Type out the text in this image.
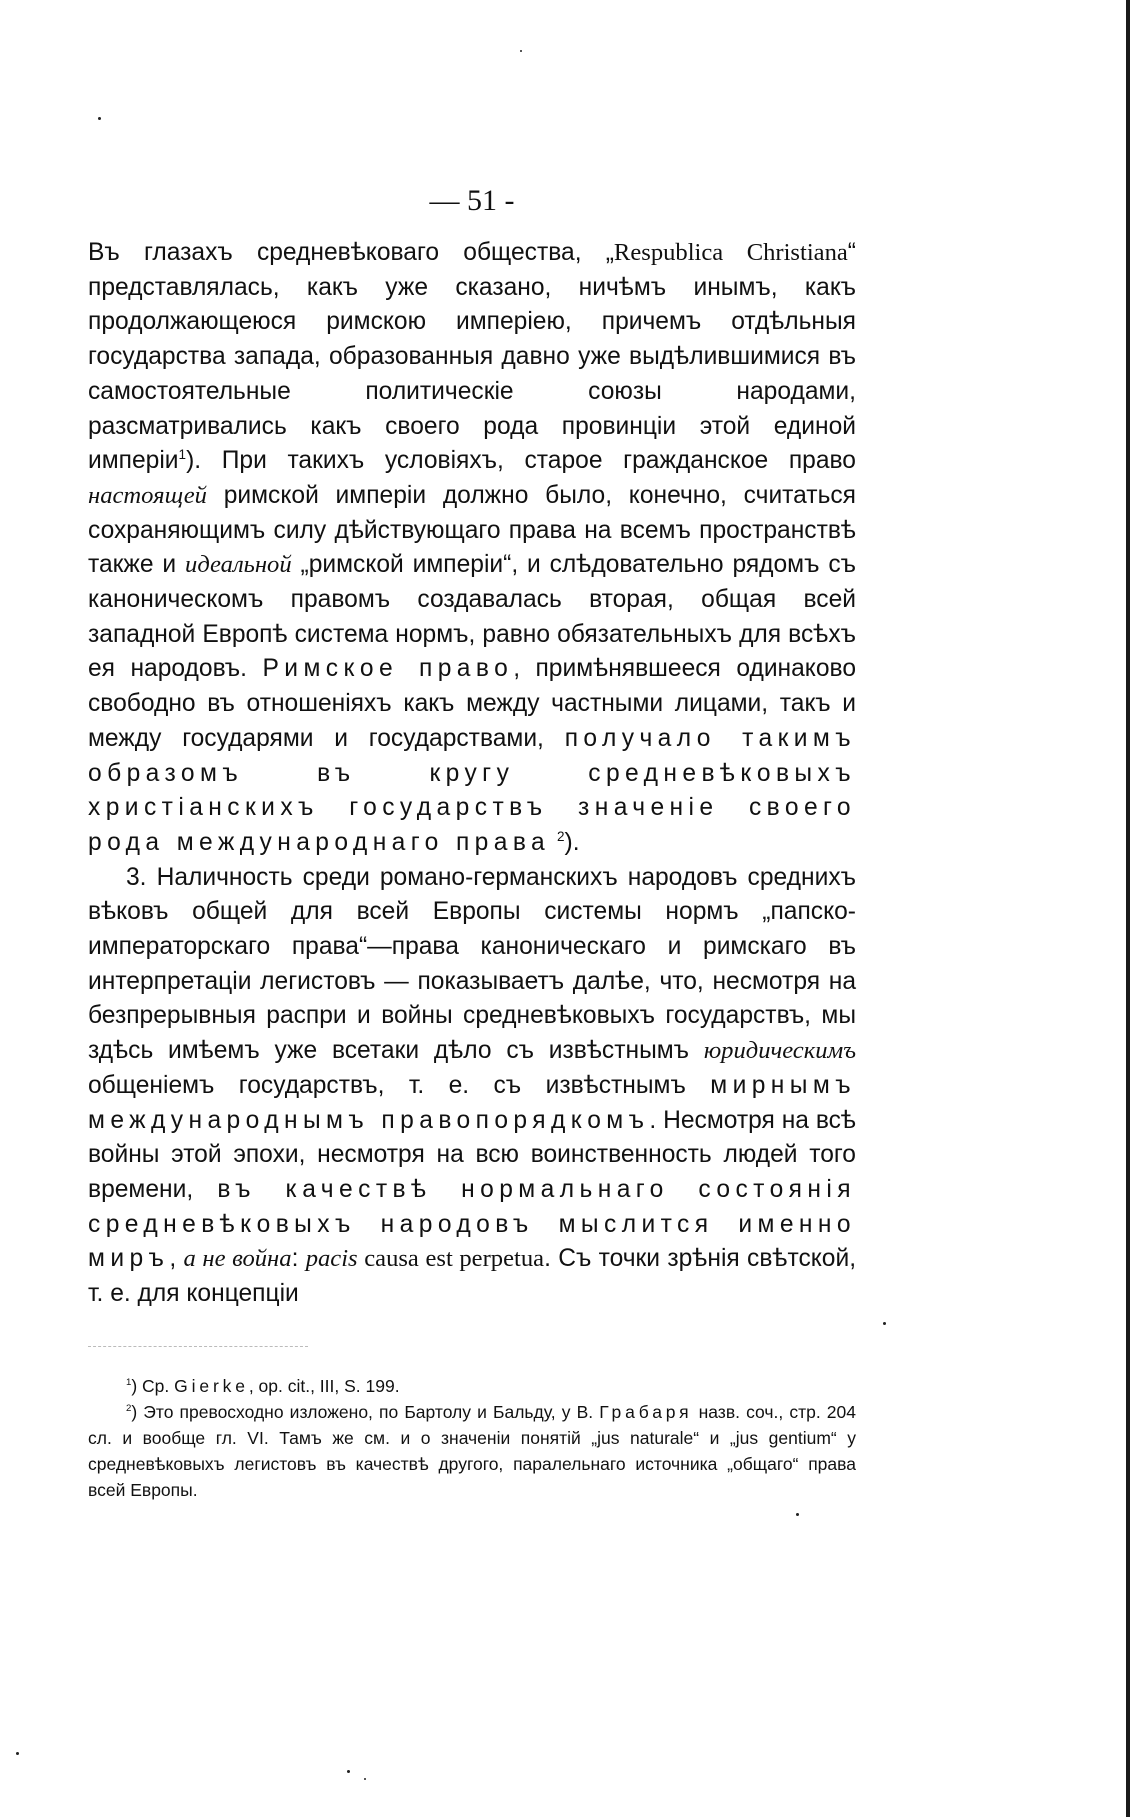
— 51 -

Въ глазахъ средневѣковаго общества, „Respublica Christiana“ представлялась, какъ уже сказано, ничѣмъ инымъ, какъ продолжающеюся римскою имперіею, причемъ отдѣльныя государства запада, образованныя давно уже выдѣлившимися въ самостоятельные политическіе союзы народами, разсматривались какъ своего рода провинціи этой единой имперіи$^1$). При такихъ условіяхъ, старое гражданское право настоящей римской имперіи должно было, конечно, считаться сохраняющимъ силу дѣйствующаго права на всемъ пространствѣ также и идеальной „римской имперіи“, и слѣдовательно рядомъ съ каноническомъ правомъ создавалась вторая, общая всей западной Европѣ система нормъ, равно обязательныхъ для всѣхъ ея народовъ. Римское право, примѣнявшееся одинаково свободно въ отношеніяхъ какъ между частными лицами, такъ и между государями и государствами, получало такимъ образомъ въ кругу средневѣковыхъ христіанскихъ государствъ значеніе своего рода международнаго права $^2$).

3. Наличность среди романо-германскихъ народовъ среднихъ вѣковъ общей для всей Европы системы нормъ „папско-императорскаго права“—права каноническаго и римскаго въ интерпретаціи легистовъ — показываетъ далѣе, что, несмотря на безпрерывныя распри и войны средневѣковыхъ государствъ, мы здѣсь имѣемъ уже всетаки дѣло съ извѣстнымъ юридическимъ общеніемъ государствъ, т. е. съ извѣстнымъ мирнымъ международнымъ правопорядкомъ. Несмотря на всѣ войны этой эпохи, несмотря на всю воинственность людей того времени, въ качествѣ нормальнаго состоянія средневѣковыхъ народовъ мыслится именно миръ, а не война: pacis causa est perpetua. Съ точки зрѣнія свѣтской, т. е. для концепціи

$^1$) Ср. Gierke, op. cit., III, S. 199.

$^2$) Это превосходно изложено, по Бартолу и Бальду, у В. Грабаря назв. соч., стр. 204 сл. и вообще гл. VI. Тамъ же см. и о значеніи понятій „jus naturale“ и „jus gentium“ у средневѣковыхъ легистовъ въ качествѣ другого, паралельнаго источника „общаго“ права всей Европы.
